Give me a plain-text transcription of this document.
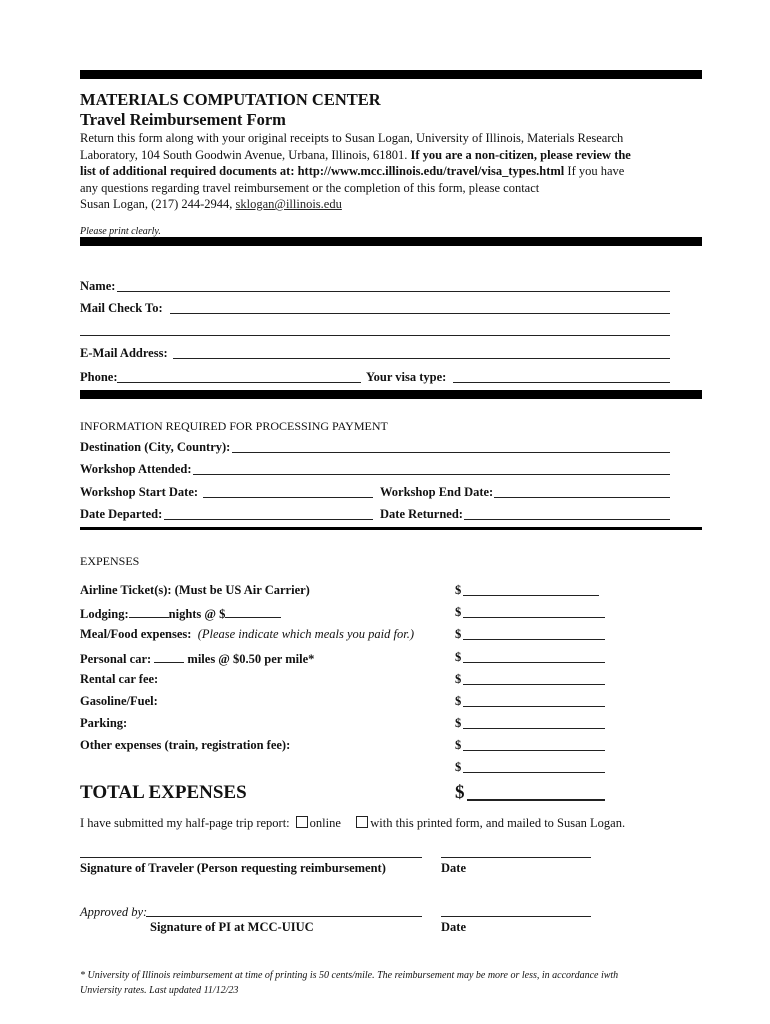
MATERIALS COMPUTATION CENTER
Travel Reimbursement Form
Return this form along with your original receipts to Susan Logan, University of Illinois, Materials Research
Laboratory, 104 South Goodwin Avenue, Urbana, Illinois, 61801. If you are a non-citizen, please review the
list of additional required documents at: http://www.mcc.illinois.edu/travel/visa_types.html If you have
any questions regarding travel reimbursement or the completion of this form, please contact
Susan Logan, (217) 244-2944, sklogan@illinois.edu
Please print clearly.
Name:
Mail Check To:
E-Mail Address:
Phone:	Your visa type:
INFORMATION REQUIRED FOR PROCESSING PAYMENT
Destination (City, Country):
Workshop Attended:
Workshop Start Date:	Workshop End Date:
Date Departed:	Date Returned:
EXPENSES
Airline Ticket(s): (Must be US Air Carrier)	$
Lodging:	nights @ $	$
Meal/Food expenses: (Please indicate which meals you paid for.)	$
Personal car:	miles @ $0.50 per mile*	$
Rental car fee:	$
Gasoline/Fuel:	$
Parking:	$
Other expenses (train, registration fee):	$
$
TOTAL EXPENSES	$
I have submitted my half-page trip report: online with this printed form, and mailed to Susan Logan.
Signature of Traveler (Person requesting reimbursement)	Date
Approved by:
Signature of PI at MCC-UIUC	Date
* University of Illinois reimbursement at time of printing is 50 cents/mile. The reimbursement may be more or less, in accordance iwth
Unviersity rates. Last updated 11/12/23
